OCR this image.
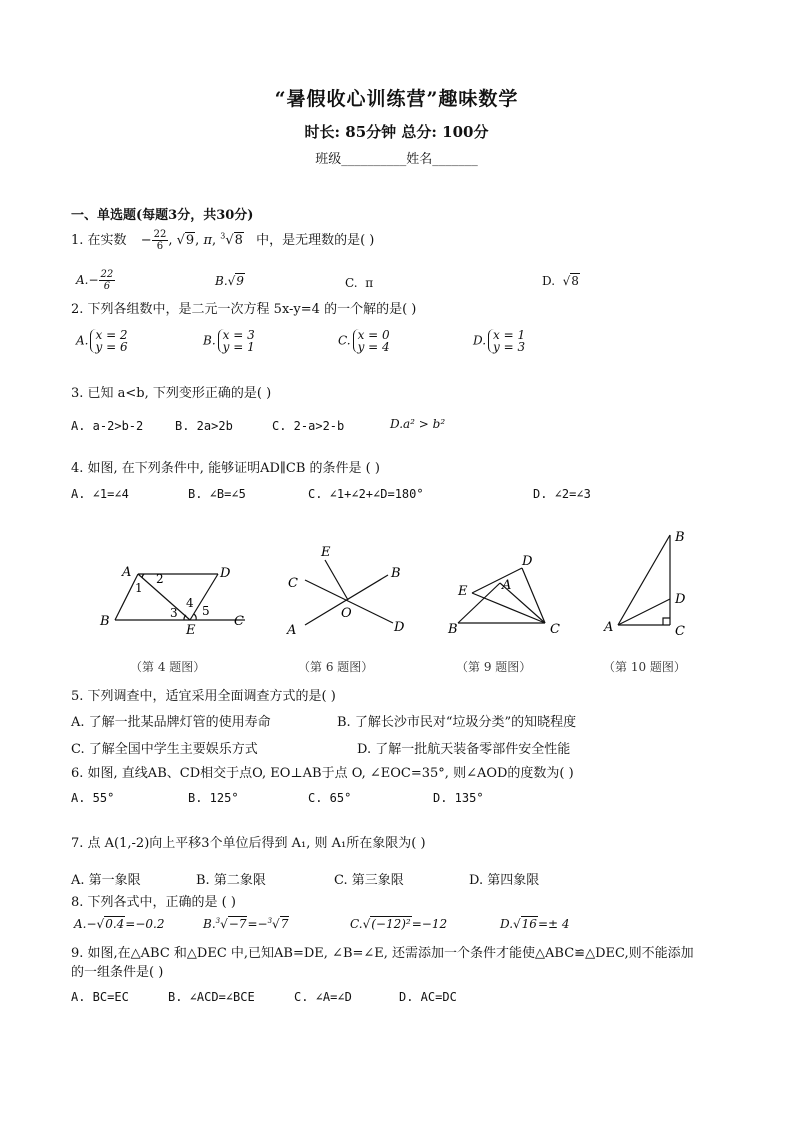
“暑假收心训练营”趣味数学
时长: 85分钟 总分: 100分
班级__________姓名_______
一、单选题(每题3分，共30分)
1. 在实数 − $\frac{22}{6}$ , √9, π, $^3$√8 中，是无理数的是( )
$A.- \frac{22}{6}$	B.√9	C. π	D.  √8
2. 下列各组数中，是二元一次方程 5x-y=4 的一个解的是( )
A. x = 2
y = 6	B. x = 3
y = 1	C. x = 0
y = 4	D. x = 1
y = 3
3. 已知 a<b, 下列变形正确的是( )
A. a-2>b-2	B. 2a>2b	C. 2-a>2-b	D.a² > b²
4. 如图, 在下列条件中, 能够证明AD∥CB 的条件是 ( )
A. ∠1=∠4	B. ∠B=∠5	C. ∠1+∠2+∠D=180°	D. ∠2=∠3
A	D
B	C
E
1
2
3
4
5
（第 4 题图）
E
C
B
A
O
D
（第 6 题图）
D
A
E
B	C
（第 9 题图）
B
D
A	C
（第 10 题图）
5. 下列调查中，适宜采用全面调查方式的是( )
A. 了解一批某品牌灯管的使用寿命	B. 了解长沙市民对“垃圾分类”的知晓程度
C. 了解全国中学生主要娱乐方式	D. 了解一批航天装备零部件安全性能
6. 如图, 直线AB、CD相交于点O, EO⊥AB于点 O, ∠EOC=35°, 则∠AOD的度数为( )
A. 55°	B. 125°	C. 65°	D. 135°
7. 点 A(1,-2)向上平移3个单位后得到 A₁, 则 A₁所在象限为( )
A. 第一象限	B. 第二象限	C. 第三象限	D. 第四象限
8. 下列各式中，正确的是 ( )
A.−√0.4=−0.2	B.$^3$√−7=−$^3$√7	C.√(−12)²=−12	D.√16=± 4
9. 如图,在△ABC 和△DEC 中,已知AB=DE, ∠B=∠E, 还需添加一个条件才能使△ABC≌△DEC,则不能添加
的一组条件是( )
A. BC=EC	B. ∠ACD=∠BCE	C. ∠A=∠D	D. AC=DC
